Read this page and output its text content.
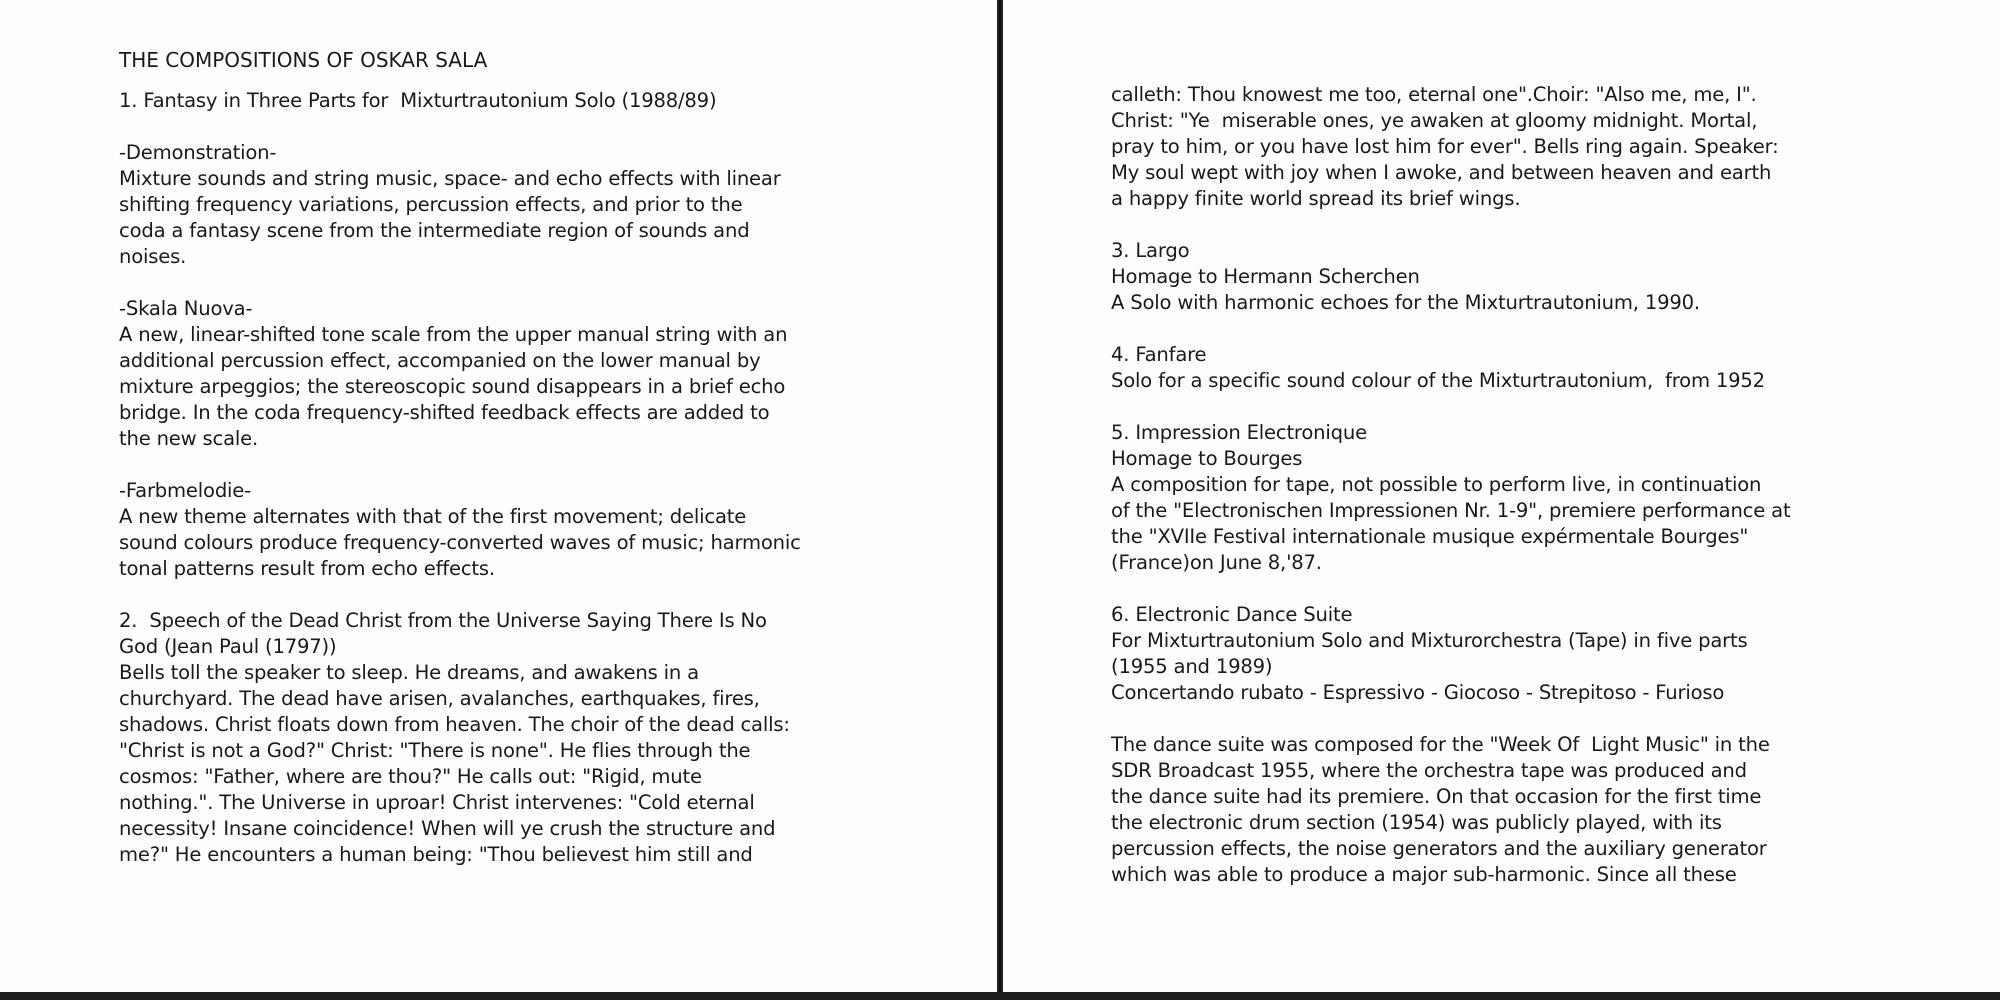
THE COMPOSITIONS OF OSKAR SALA
1. Fantasy in Three Parts for  Mixturtrautonium Solo (1988/89)
-Demonstration-
Mixture sounds and string music, space- and echo effects with linear
shifting frequency variations, percussion effects, and prior to the
coda a fantasy scene from the intermediate region of sounds and
noises.
-Skala Nuova-
A new, linear-shifted tone scale from the upper manual string with an
additional percussion effect, accompanied on the lower manual by
mixture arpeggios; the stereoscopic sound disappears in a brief echo
bridge. In the coda frequency-shifted feedback effects are added to
the new scale.
-Farbmelodie-
A new theme alternates with that of the first movement; delicate
sound colours produce frequency-converted waves of music; harmonic
tonal patterns result from echo effects.
2.  Speech of the Dead Christ from the Universe Saying There Is No
God (Jean Paul (1797))
Bells toll the speaker to sleep. He dreams, and awakens in a
churchyard. The dead have arisen, avalanches, earthquakes, fires,
shadows. Christ floats down from heaven. The choir of the dead calls:
"Christ is not a God?" Christ: "There is none". He flies through the
cosmos: "Father, where are thou?" He calls out: "Rigid, mute
nothing.". The Universe in uproar! Christ intervenes: "Cold eternal
necessity! Insane coincidence! When will ye crush the structure and
me?" He encounters a human being: "Thou believest him still and
calleth: Thou knowest me too, eternal one".Choir: "Also me, me, I".
Christ: "Ye  miserable ones, ye awaken at gloomy midnight. Mortal,
pray to him, or you have lost him for ever". Bells ring again. Speaker:
My soul wept with joy when I awoke, and between heaven and earth
a happy finite world spread its brief wings.
3. Largo
Homage to Hermann Scherchen
A Solo with harmonic echoes for the Mixturtrautonium, 1990.
4. Fanfare
Solo for a specific sound colour of the Mixturtrautonium,  from 1952
5. Impression Electronique
Homage to Bourges
A composition for tape, not possible to perform live, in continuation
of the "Electronischen Impressionen Nr. 1-9", premiere performance at
the "XVIIe Festival internationale musique expérmentale Bourges"
(France)on June 8,'87.
6. Electronic Dance Suite
For Mixturtrautonium Solo and Mixturorchestra (Tape) in five parts
(1955 and 1989)
Concertando rubato - Espressivo - Giocoso - Strepitoso - Furioso
The dance suite was composed for the "Week Of  Light Music" in the
SDR Broadcast 1955, where the orchestra tape was produced and
the dance suite had its premiere. On that occasion for the first time
the electronic drum section (1954) was publicly played, with its
percussion effects, the noise generators and the auxiliary generator
which was able to produce a major sub-harmonic. Since all these
